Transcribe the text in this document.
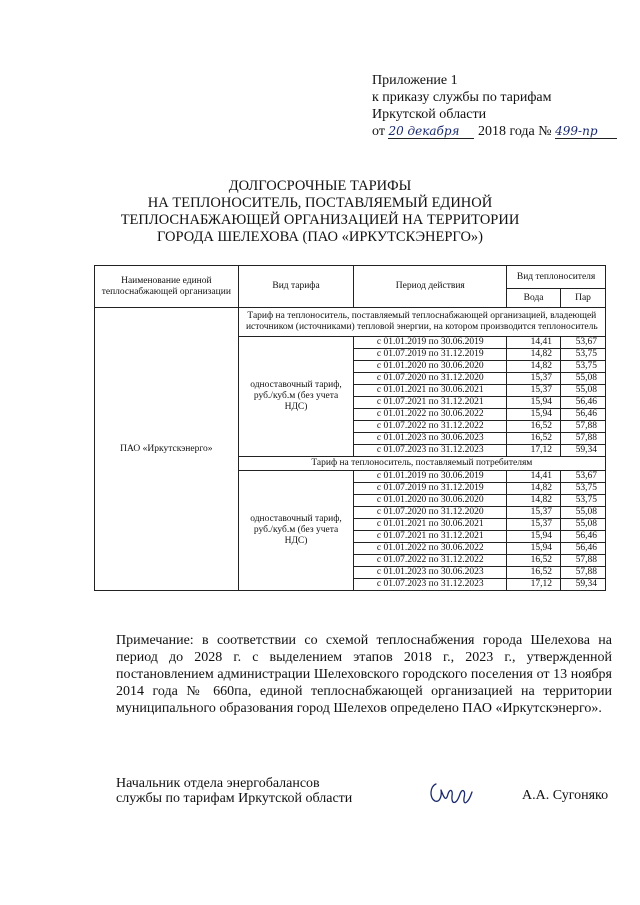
Приложение 1
к приказу службы по тарифам
Иркутской области
от 20 декабря 2018 года № 499-пр
ДОЛГОСРОЧНЫЕ ТАРИФЫ
НА ТЕПЛОНОСИТЕЛЬ, ПОСТАВЛЯЕМЫЙ ЕДИНОЙ
ТЕПЛОСНАБЖАЮЩЕЙ ОРГАНИЗАЦИЕЙ НА ТЕРРИТОРИИ
ГОРОДА ШЕЛЕХОВА (ПАО «ИРКУТСКЭНЕРГО»)
Наименование единой теплоснабжающей организации	Вид тарифа	Период действия	Вид теплоносителя	
			Вода	Пар
ПАО «Иркутскэнерго»	Тариф на теплоноситель, поставляемый теплоснабжающей организацией, владеющей источником (источниками) тепловой энергии, на котором производится теплоноситель			
	одноставочный тариф, руб./куб.м (без учета НДС)	с 01.01.2019 по 30.06.2019	14,41	53,67
		с 01.07.2019 по 31.12.2019	14,82	53,75
		с 01.01.2020 по 30.06.2020	14,82	53,75
		с 01.07.2020 по 31.12.2020	15,37	55,08
		с 01.01.2021 по 30.06.2021	15,37	55,08
		с 01.07.2021 по 31.12.2021	15,94	56,46
		с 01.01.2022 по 30.06.2022	15,94	56,46
		с 01.07.2022 по 31.12.2022	16,52	57,88
		с 01.01.2023 по 30.06.2023	16,52	57,88
		с 01.07.2023 по 31.12.2023	17,12	59,34
	Тариф на теплоноситель, поставляемый потребителям			
	одноставочный тариф, руб./куб.м (без учета НДС)	с 01.01.2019 по 30.06.2019	14,41	53,67
		с 01.07.2019 по 31.12.2019	14,82	53,75
		с 01.01.2020 по 30.06.2020	14,82	53,75
		с 01.07.2020 по 31.12.2020	15,37	55,08
		с 01.01.2021 по 30.06.2021	15,37	55,08
		с 01.07.2021 по 31.12.2021	15,94	56,46
		с 01.01.2022 по 30.06.2022	15,94	56,46
		с 01.07.2022 по 31.12.2022	16,52	57,88
		с 01.01.2023 по 30.06.2023	16,52	57,88
		с 01.07.2023 по 31.12.2023	17,12	59,34
Примечание: в соответствии со схемой теплоснабжения города Шелехова на период до 2028 г. с выделением этапов 2018 г., 2023 г., утвержденной постановлением администрации Шелеховского городского поселения от 13 ноября 2014 года № 660па, единой теплоснабжающей организацией на территории муниципального образования город Шелехов определено ПАО «Иркутскэнерго».
Начальник отдела энергобалансов
службы по тарифам Иркутской области	А.А. Сугоняко
